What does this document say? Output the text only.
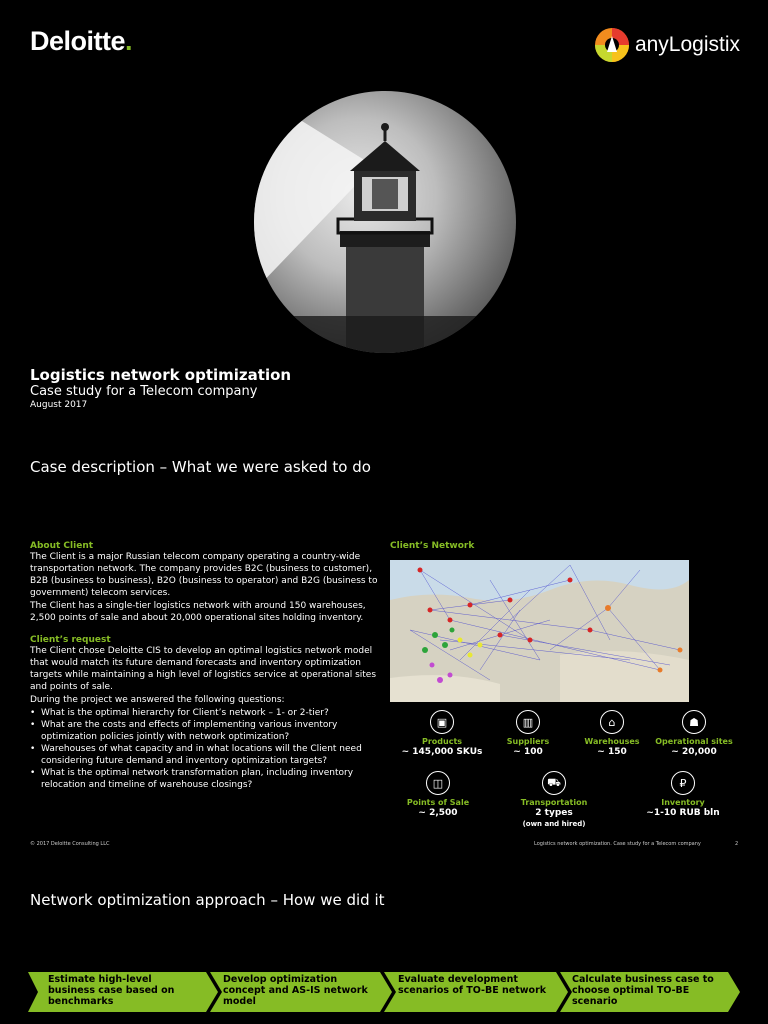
Deloitte.	anyLogistix
Logistics network optimization
Case study for a Telecom company
August 2017
Case description – What we were asked to do
About Client

The Client is a major Russian telecom company operating a country-wide transportation network. The company provides B2C (business to customer), B2B (business to business), B2O (business to operator) and B2G (business to government) telecom services.

The Client has a single-tier logistics network with around 150 warehouses, 2,500 points of sale and about 20,000 operational sites holding inventory.

Client’s request

The Client chose Deloitte CIS to develop an optimal logistics network model that would match its future demand forecasts and inventory optimization targets while maintaining a high level of logistics service at operational sites and points of sale.

During the project we answered the following questions:

• What is the optimal hierarchy for Client’s network – 1- or 2-tier?
• What are the costs and effects of implementing various inventory optimization policies jointly with network optimization?
• Warehouses of what capacity and in what locations will the Client need considering future demand and inventory optimization targets?
• What is the optimal network transformation plan, including inventory relocation and timeline of warehouse closings?
Client’s Network
▣
Products
~ 145,000 SKUs
▥
Suppliers
~ 100
⌂
Warehouses
~ 150
☗
Operational sites
~ 20,000
◫
Points of Sale
~ 2,500
⛟
Transportation
2 types
(own and hired)
₽
Inventory
~1-10 RUB bln
© 2017 Deloitte Consulting LLC	Logistics network optimization. Case study for a Telecom company	2
Network optimization approach – How we did it
Estimate high-level business case based on benchmarks
Develop optimization concept and AS-IS network model
Evaluate development scenarios of TO-BE network
Calculate business case to choose optimal TO-BE scenario
